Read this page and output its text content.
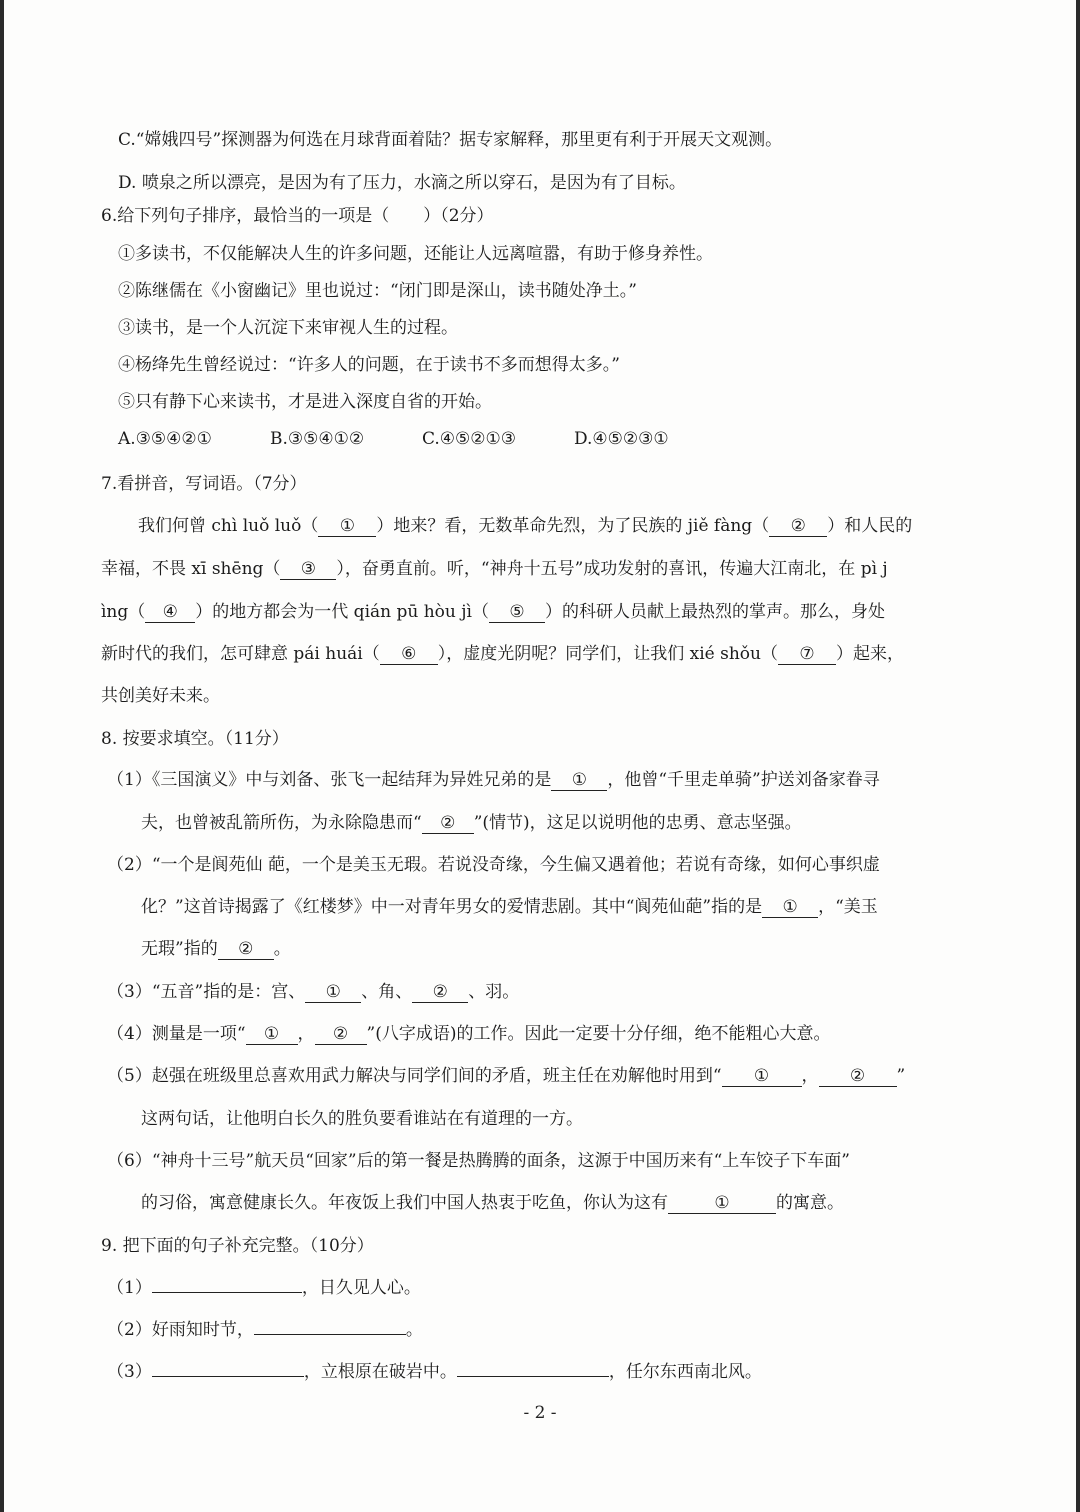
C.“嫦娥四号”探测器为何选在月球背面着陆？据专家解释，那里更有利于开展天文观测。
D. 喷泉之所以漂亮，是因为有了压力，水滴之所以穿石，是因为有了目标。
6.给下列句子排序，最恰当的一项是（　　）（2分）
①多读书，不仅能解决人生的许多问题，还能让人远离喧嚣，有助于修身养性。
②陈继儒在《小窗幽记》里也说过：“闭门即是深山，读书随处净土。”
③读书，是一个人沉淀下来审视人生的过程。
④杨绛先生曾经说过：“许多人的问题，在于读书不多而想得太多。”
⑤只有静下心来读书，才是进入深度自省的开始。
A.③⑤④②①	B.③⑤④①②	C.④⑤②①③	D.④⑤②③①
7.看拼音，写词语。（7分）
我们何曾 chì luǒ luǒ（ ① ）地来？看，无数革命先烈，为了民族的 jiě fàng（ ② ）和人民的
幸福，不畏 xī shēng（ ③ ），奋勇直前。听，“神舟十五号”成功发射的喜讯，传遍大江南北，在 pì j
ìng（ ④ ）的地方都会为一代 qián pū hòu jì（ ⑤ ）的科研人员献上最热烈的掌声。那么，身处
新时代的我们，怎可肆意 pái huái（ ⑥ ），虚度光阴呢？同学们，让我们 xié shǒu（ ⑦ ）起来，
共创美好未来。
8. 按要求填空。（11分）
（1）《三国演义》中与刘备、张飞一起结拜为异姓兄弟的是 ① ，他曾“千里走单骑”护送刘备家眷寻
夫，也曾被乱箭所伤，为永除隐患而“ ② ”(情节)，这足以说明他的忠勇、意志坚强。
（2）“一个是阆苑仙 葩，一个是美玉无瑕。若说没奇缘，今生偏又遇着他；若说有奇缘，如何心事织虚
化？”这首诗揭露了《红楼梦》中一对青年男女的爱情悲剧。其中“阆苑仙葩”指的是 ① ，“美玉
无瑕”指的 ② 。
（3）“五音”指的是：宫、 ① 、角、 ② 、羽。
（4）测量是一项“ ① ， ② ”(八字成语)的工作。因此一定要十分仔细，绝不能粗心大意。
（5）赵强在班级里总喜欢用武力解决与同学们间的矛盾，班主任在劝解他时用到“ ① ， ② ”
这两句话，让他明白长久的胜负要看谁站在有道理的一方。
（6）“神舟十三号”航天员“回家”后的第一餐是热腾腾的面条，这源于中国历来有“上车饺子下车面”
的习俗，寓意健康长久。年夜饭上我们中国人热衷于吃鱼，你认为这有	①	的寓意。
9. 把下面的句子补充完整。（10分）
（1）	，日久见人心。
（2）好雨知时节，	。
（3）	，立根原在破岩中。	，任尔东西南北风。
- 2 -
